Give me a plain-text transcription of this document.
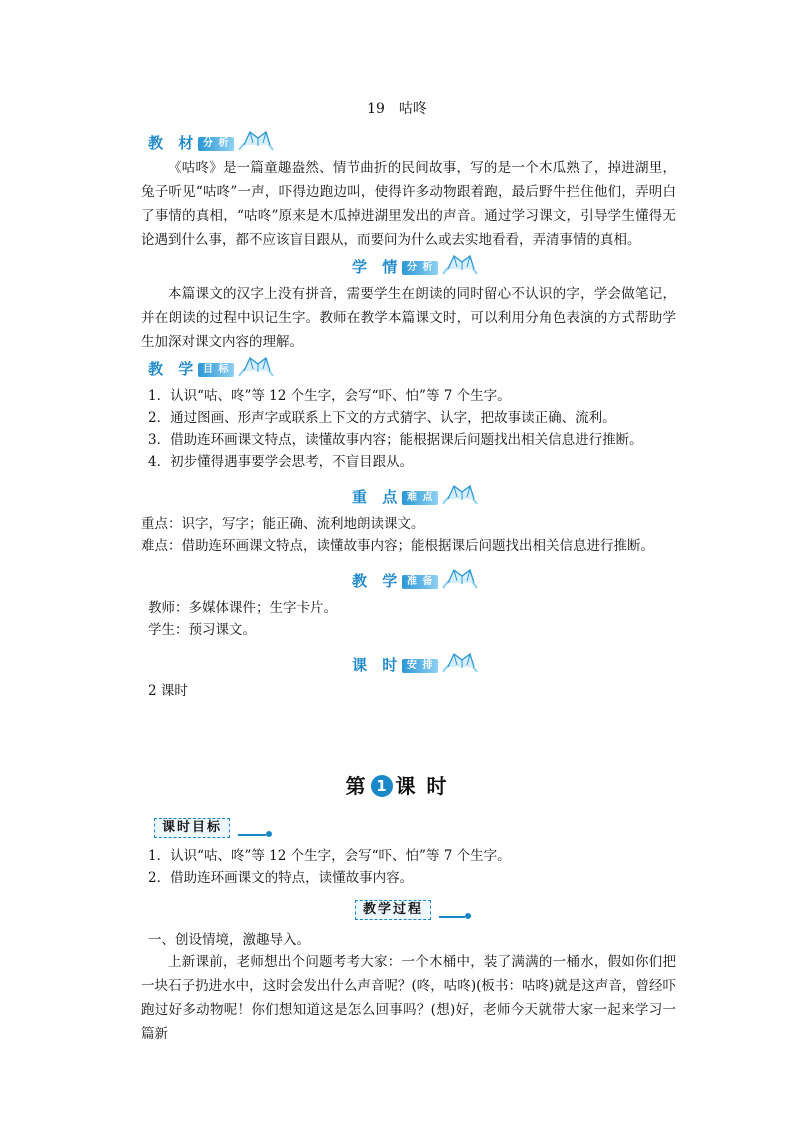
19　咕咚
教 材 分 析

《咕咚》是一篇童趣盎然、情节曲折的民间故事，写的是一个木瓜熟了，掉进湖里，兔子听见“咕咚”一声，吓得边跑边叫，使得许多动物跟着跑，最后野牛拦住他们，弄明白了事情的真相，“咕咚”原来是木瓜掉进湖里发出的声音。通过学习课文，引导学生懂得无论遇到什么事，都不应该盲目跟从，而要问为什么或去实地看看，弄清事情的真相。

学 情 分 析

本篇课文的汉字上没有拼音，需要学生在朗读的同时留心不认识的字，学会做笔记，并在朗读的过程中识记生字。教师在教学本篇课文时，可以利用分角色表演的方式帮助学生加深对课文内容的理解。

教 学 目 标
1．认识“咕、咚”等 12 个生字，会写“吓、怕”等 7 个生字。
2．通过图画、形声字或联系上下文的方式猜字、认字，把故事读正确、流利。
3．借助连环画课文特点，读懂故事内容；能根据课后问题找出相关信息进行推断。
4．初步懂得遇事要学会思考，不盲目跟从。
重 点 难 点
重点：识字，写字；能正确、流利地朗读课文。
难点：借助连环画课文特点，读懂故事内容；能根据课后问题找出相关信息进行推断。
教 学 准 备
教师：多媒体课件；生字卡片。
学生：预习课文。
课 时 安 排
2 课时
第 1 课 时
课时目标
1．认识“咕、咚”等 12 个生字，会写“吓、怕”等 7 个生字。
2．借助连环画课文的特点，读懂故事内容。
教学过程
一、创设情境，激趣导入。

上新课前，老师想出个问题考考大家：一个木桶中，装了满满的一桶水，假如你们把一块石子扔进水中，这时会发出什么声音呢？(咚，咕咚)(板书：咕咚)就是这声音，曾经吓跑过好多动物呢！你们想知道这是怎么回事吗？(想)好，老师今天就带大家一起来学习一篇新
